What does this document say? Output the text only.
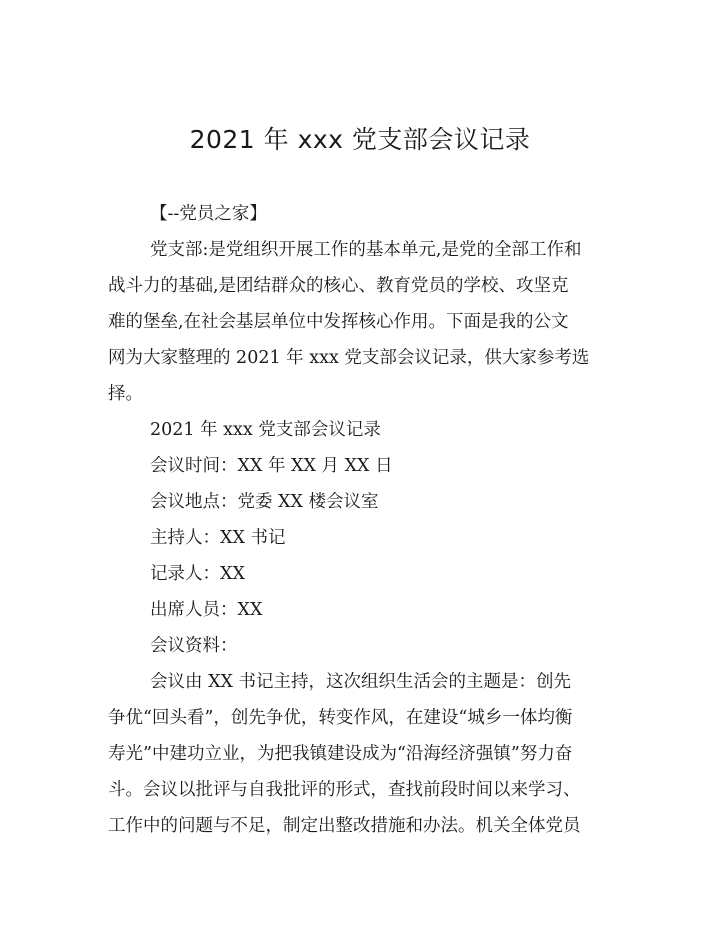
2021 年 xxx 党支部会议记录
【--党员之家】
党支部:是党组织开展工作的基本单元,是党的全部工作和
战斗力的基础,是团结群众的核心、教育党员的学校、攻坚克
难的堡垒,在社会基层单位中发挥核心作用。下面是我的公文
网为大家整理的 2021 年 xxx 党支部会议记录，供大家参考选
择。
2021 年 xxx 党支部会议记录
会议时间：XX 年 XX 月 XX 日
会议地点：党委 XX 楼会议室
主持人：XX 书记
记录人：XX
出席人员：XX
会议资料：
会议由 XX 书记主持，这次组织生活会的主题是：创先
争优“回头看”，创先争优，转变作风，在建设“城乡一体均衡
寿光”中建功立业，为把我镇建设成为“沿海经济强镇”努力奋
斗。会议以批评与自我批评的形式，查找前段时间以来学习、
工作中的问题与不足，制定出整改措施和办法。机关全体党员
